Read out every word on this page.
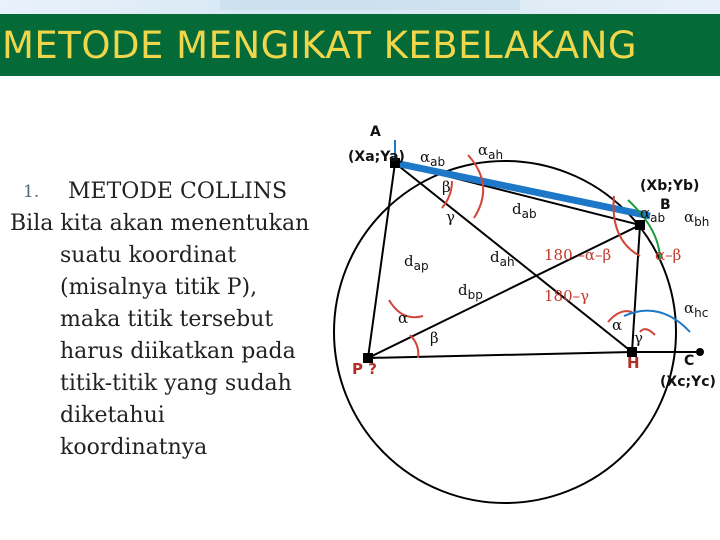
METODE MENGIKAT KEBELAKANG
1. METODE COLLINS
Bila kita akan menentukan suatu koordinat (misalnya titik P), maka titik tersebut harus diikatkan pada titik-titik yang sudah diketahui koordinatnya
A
(Xa;Ya) $\alpha_{ab}$
$\alpha_{ah}$
β
γ	$d_{ab}$
$d_{ah}$
$d_{ap}$
$d_{bp}$
(Xb;Yb)
B
$\alpha_{ab}$ $\alpha_{bh}$
180 –α–β	α–β
180–γ
$\alpha_{hc}$
α
β
α
γ
P ?	H	C
(Xc;Yc)
